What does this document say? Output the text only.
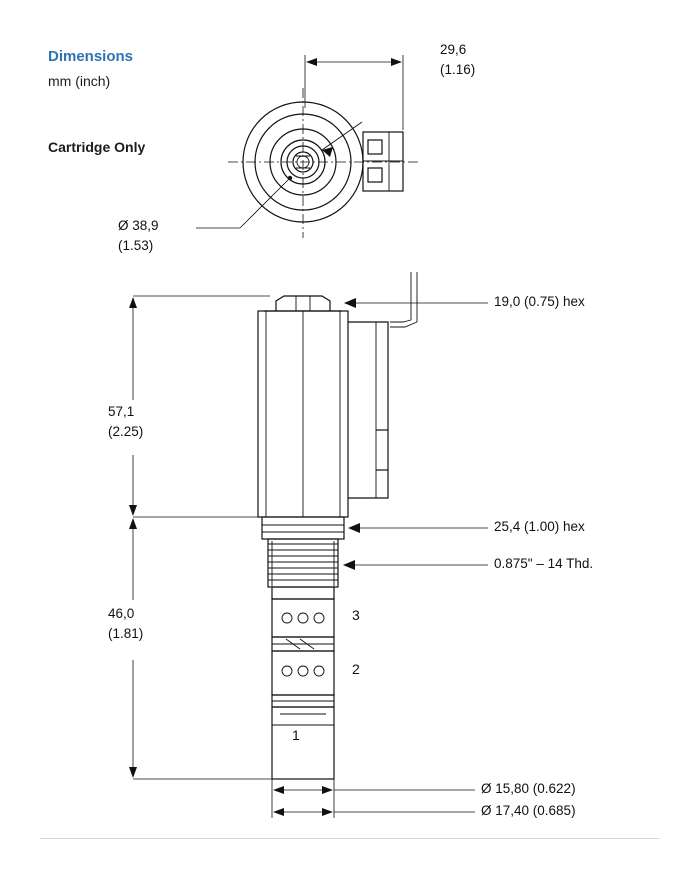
Dimensions
mm (inch)
Cartridge Only
29,6
(1.16)
Ø 38,9
(1.53)
57,1
(2.25)
46,0
(1.81)
19,0 (0.75) hex
25,4 (1.00) hex
0.875" – 14 Thd.
3
2
1
Ø 15,80 (0.622)
Ø 17,40 (0.685)
